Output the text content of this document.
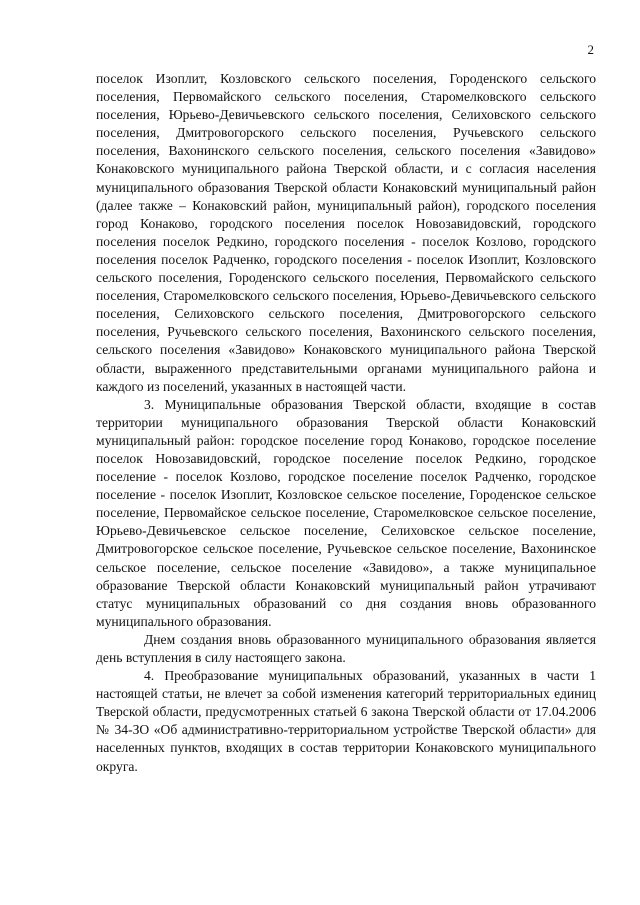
2

поселок Изоплит, Козловского сельского поселения, Городенского сельского поселения, Первомайского сельского поселения, Старомелковского сельского поселения, Юрьево-Девичьевского сельского поселения, Селиховского сельского поселения, Дмитровогорского сельского поселения, Ручьевского сельского поселения, Вахонинского сельского поселения, сельского поселения «Завидово» Конаковского муниципального района Тверской области, и с согласия населения муниципального образования Тверской области Конаковский муниципальный район (далее также – Конаковский район, муниципальный район), городского поселения город Конаково, городского поселения поселок Новозавидовский, городского поселения поселок Редкино, городского поселения - поселок Козлово, городского поселения поселок Радченко, городского поселения - поселок Изоплит, Козловского сельского поселения, Городенского сельского поселения, Первомайского сельского поселения, Старомелковского сельского поселения, Юрьево-Девичьевского сельского поселения, Селиховского сельского поселения, Дмитровогорского сельского поселения, Ручьевского сельского поселения, Вахонинского сельского поселения, сельского поселения «Завидово» Конаковского муниципального района Тверской области, выраженного представительными органами муниципального района и каждого из поселений, указанных в настоящей части.

3. Муниципальные образования Тверской области, входящие в состав территории муниципального образования Тверской области Конаковский муниципальный район: городское поселение город Конаково, городское поселение поселок Новозавидовский, городское поселение поселок Редкино, городское поселение - поселок Козлово, городское поселение поселок Радченко, городское поселение - поселок Изоплит, Козловское сельское поселение, Городенское сельское поселение, Первомайское сельское поселение, Старомелковское сельское поселение, Юрьево-Девичьевское сельское поселение, Селиховское сельское поселение, Дмитровогорское сельское поселение, Ручьевское сельское поселение, Вахонинское сельское поселение, сельское поселение «Завидово», а также муниципальное образование Тверской области Конаковский муниципальный район утрачивают статус муниципальных образований со дня создания вновь образованного муниципального образования.

Днем создания вновь образованного муниципального образования является день вступления в силу настоящего закона.

4. Преобразование муниципальных образований, указанных в части 1 настоящей статьи, не влечет за собой изменения категорий территориальных единиц Тверской области, предусмотренных статьей 6 закона Тверской области от 17.04.2006 № 34-ЗО «Об административно-территориальном устройстве Тверской области» для населенных пунктов, входящих в состав территории Конаковского муниципального округа.
